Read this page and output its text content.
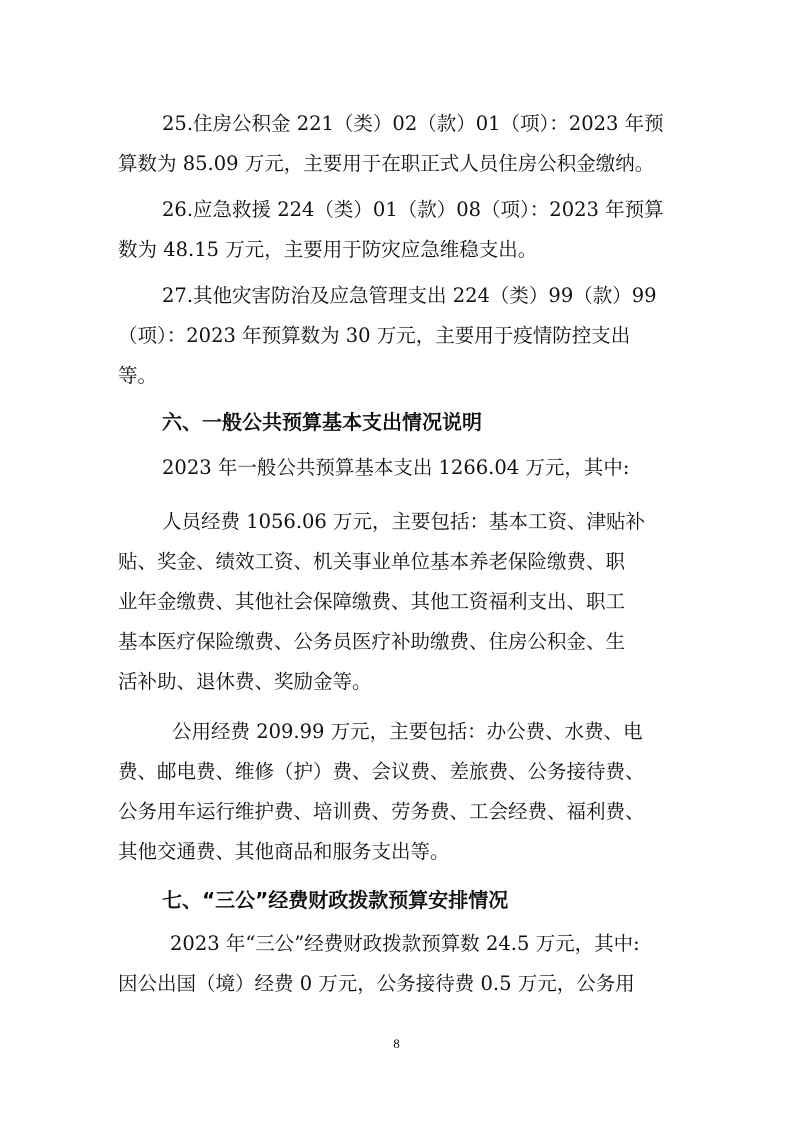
25.住房公积金 221（类）02（款）01（项）：2023 年预
算数为 85.09 万元，主要用于在职正式人员住房公积金缴纳。
26.应急救援 224（类）01（款）08（项）：2023 年预算
数为 48.15 万元，主要用于防灾应急维稳支出。
27.其他灾害防治及应急管理支出 224（类）99（款）99
（项）：2023 年预算数为 30 万元，主要用于疫情防控支出
等。
六、一般公共预算基本支出情况说明
2023 年一般公共预算基本支出 1266.04 万元，其中:
人员经费 1056.06 万元，主要包括：基本工资、津贴补
贴、奖金、绩效工资、机关事业单位基本养老保险缴费、职
业年金缴费、其他社会保障缴费、其他工资福利支出、职工
基本医疗保险缴费、公务员医疗补助缴费、住房公积金、生
活补助、退休费、奖励金等。
公用经费 209.99 万元，主要包括：办公费、水费、电
费、邮电费、维修（护）费、会议费、差旅费、公务接待费、
公务用车运行维护费、培训费、劳务费、工会经费、福利费、
其他交通费、其他商品和服务支出等。
七、“三公”经费财政拨款预算安排情况
2023 年“三公”经费财政拨款预算数 24.5 万元，其中:
因公出国（境）经费 0 万元，公务接待费 0.5 万元，公务用
8
